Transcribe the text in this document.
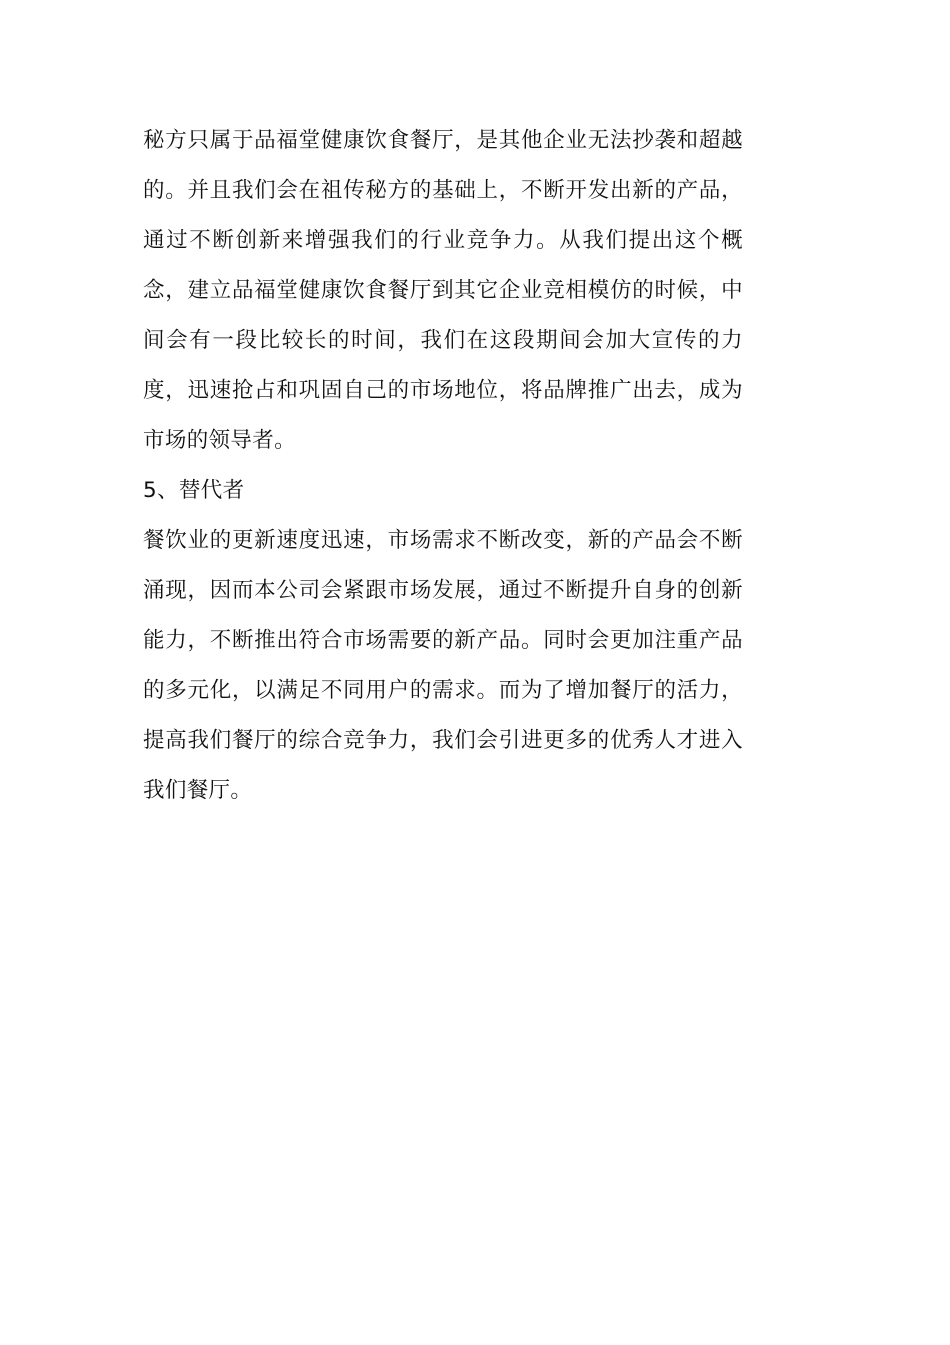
秘方只属于品福堂健康饮食餐厅，是其他企业无法抄袭和超越的。并且我们会在祖传秘方的基础上，不断开发出新的产品，通过不断创新来增强我们的行业竞争力。从我们提出这个概念，建立品福堂健康饮食餐厅到其它企业竞相模仿的时候，中间会有一段比较长的时间，我们在这段期间会加大宣传的力度，迅速抢占和巩固自己的市场地位，将品牌推广出去，成为市场的领导者。

5、替代者

餐饮业的更新速度迅速，市场需求不断改变，新的产品会不断涌现，因而本公司会紧跟市场发展，通过不断提升自身的创新能力，不断推出符合市场需要的新产品。同时会更加注重产品的多元化，以满足不同用户的需求。而为了增加餐厅的活力，提高我们餐厅的综合竞争力，我们会引进更多的优秀人才进入我们餐厅。
